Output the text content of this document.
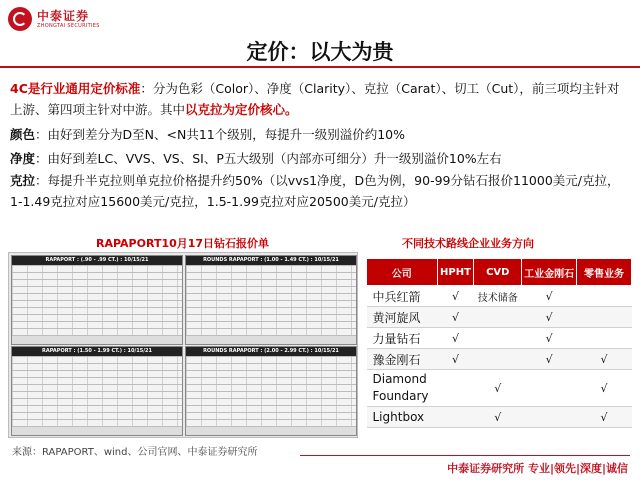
中泰证券
ZHONGTAI SECURITIES
定价：以大为贵
4C是行业通用定价标准：分为色彩（Color）、净度（Clarity）、克拉（Carat）、切工（Cut），前三项均主针对上游、第四项主针对中游。其中以克拉为定价核心。
颜色：由好到差分为D至N、<N共11个级别，每提升一级别溢价约10%
净度：由好到差LC、VVS、VS、SI、P五大级别（内部亦可细分）升一级别溢价10%左右
克拉：每提升半克拉则单克拉价格提升约50%（以vvs1净度，D色为例，90-99分钻石报价11000美元/克拉，1-1.49克拉对应15600美元/克拉，1.5-1.99克拉对应20500美元/克拉）
RAPAPORT10月17日钻石报价单	不同技术路线企业业务方向
RAPAPORT : (.90 - .99 CT.) : 10/15/21	ROUNDS RAPAPORT : (1.00 - 1.49 CT.) : 10/15/21
RAPAPORT : (1.50 - 1.99 CT.) : 10/15/21	ROUNDS RAPAPORT : (2.00 - 2.99 CT.) : 10/15/21
公司	HPHT	CVD	工业金刚石	零售业务
中兵红箭	√	技术储备	√	
黄河旋风	√		√	
力量钻石	√		√	
豫金刚石	√		√	√
Diamond Foundary		√		√
Lightbox		√		√
来源：RAPAPORT、wind、公司官网、中泰证券研究所
中泰证券研究所 专业|领先|深度|诚信
